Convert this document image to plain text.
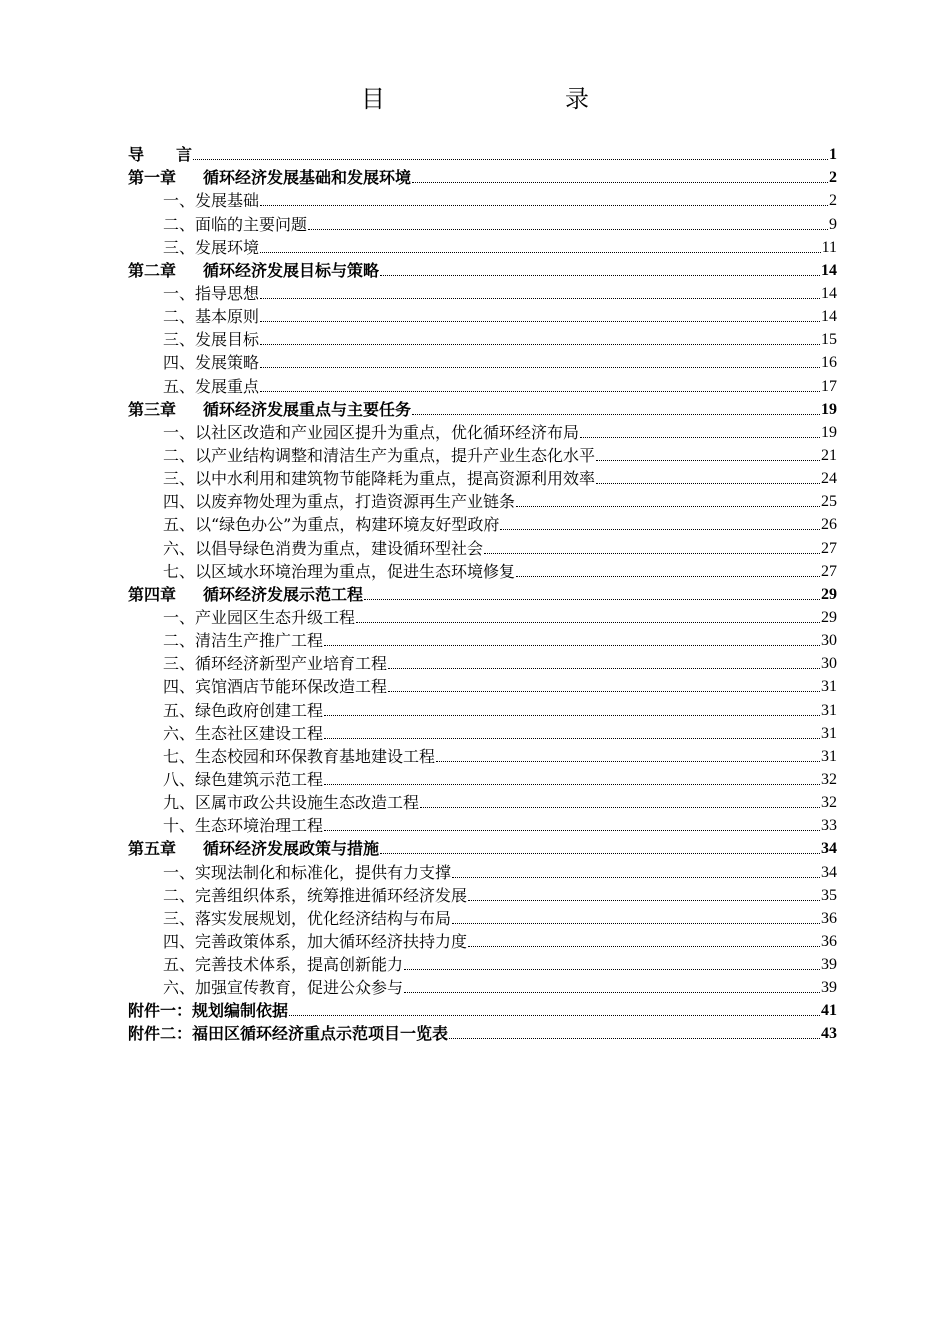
目　　录
导　　言	1
第一章 循环经济发展基础和发展环境	2
一、发展基础	2
二、面临的主要问题	9
三、发展环境	11
第二章 循环经济发展目标与策略	14
一、指导思想	14
二、基本原则	14
三、发展目标	15
四、发展策略	16
五、发展重点	17
第三章 循环经济发展重点与主要任务	19
一、以社区改造和产业园区提升为重点，优化循环经济布局	19
二、以产业结构调整和清洁生产为重点，提升产业生态化水平	21
三、以中水利用和建筑物节能降耗为重点，提高资源利用效率	24
四、以废弃物处理为重点，打造资源再生产业链条	25
五、以“绿色办公”为重点，构建环境友好型政府	26
六、以倡导绿色消费为重点，建设循环型社会	27
七、以区域水环境治理为重点，促进生态环境修复	27
第四章 循环经济发展示范工程	29
一、产业园区生态升级工程	29
二、清洁生产推广工程	30
三、循环经济新型产业培育工程	30
四、宾馆酒店节能环保改造工程	31
五、绿色政府创建工程	31
六、生态社区建设工程	31
七、生态校园和环保教育基地建设工程	31
八、绿色建筑示范工程	32
九、区属市政公共设施生态改造工程	32
十、生态环境治理工程	33
第五章 循环经济发展政策与措施	34
一、实现法制化和标准化，提供有力支撑	34
二、完善组织体系，统筹推进循环经济发展	35
三、落实发展规划，优化经济结构与布局	36
四、完善政策体系，加大循环经济扶持力度	36
五、完善技术体系，提高创新能力	39
六、加强宣传教育，促进公众参与	39
附件一：规划编制依据	41
附件二：福田区循环经济重点示范项目一览表	43
